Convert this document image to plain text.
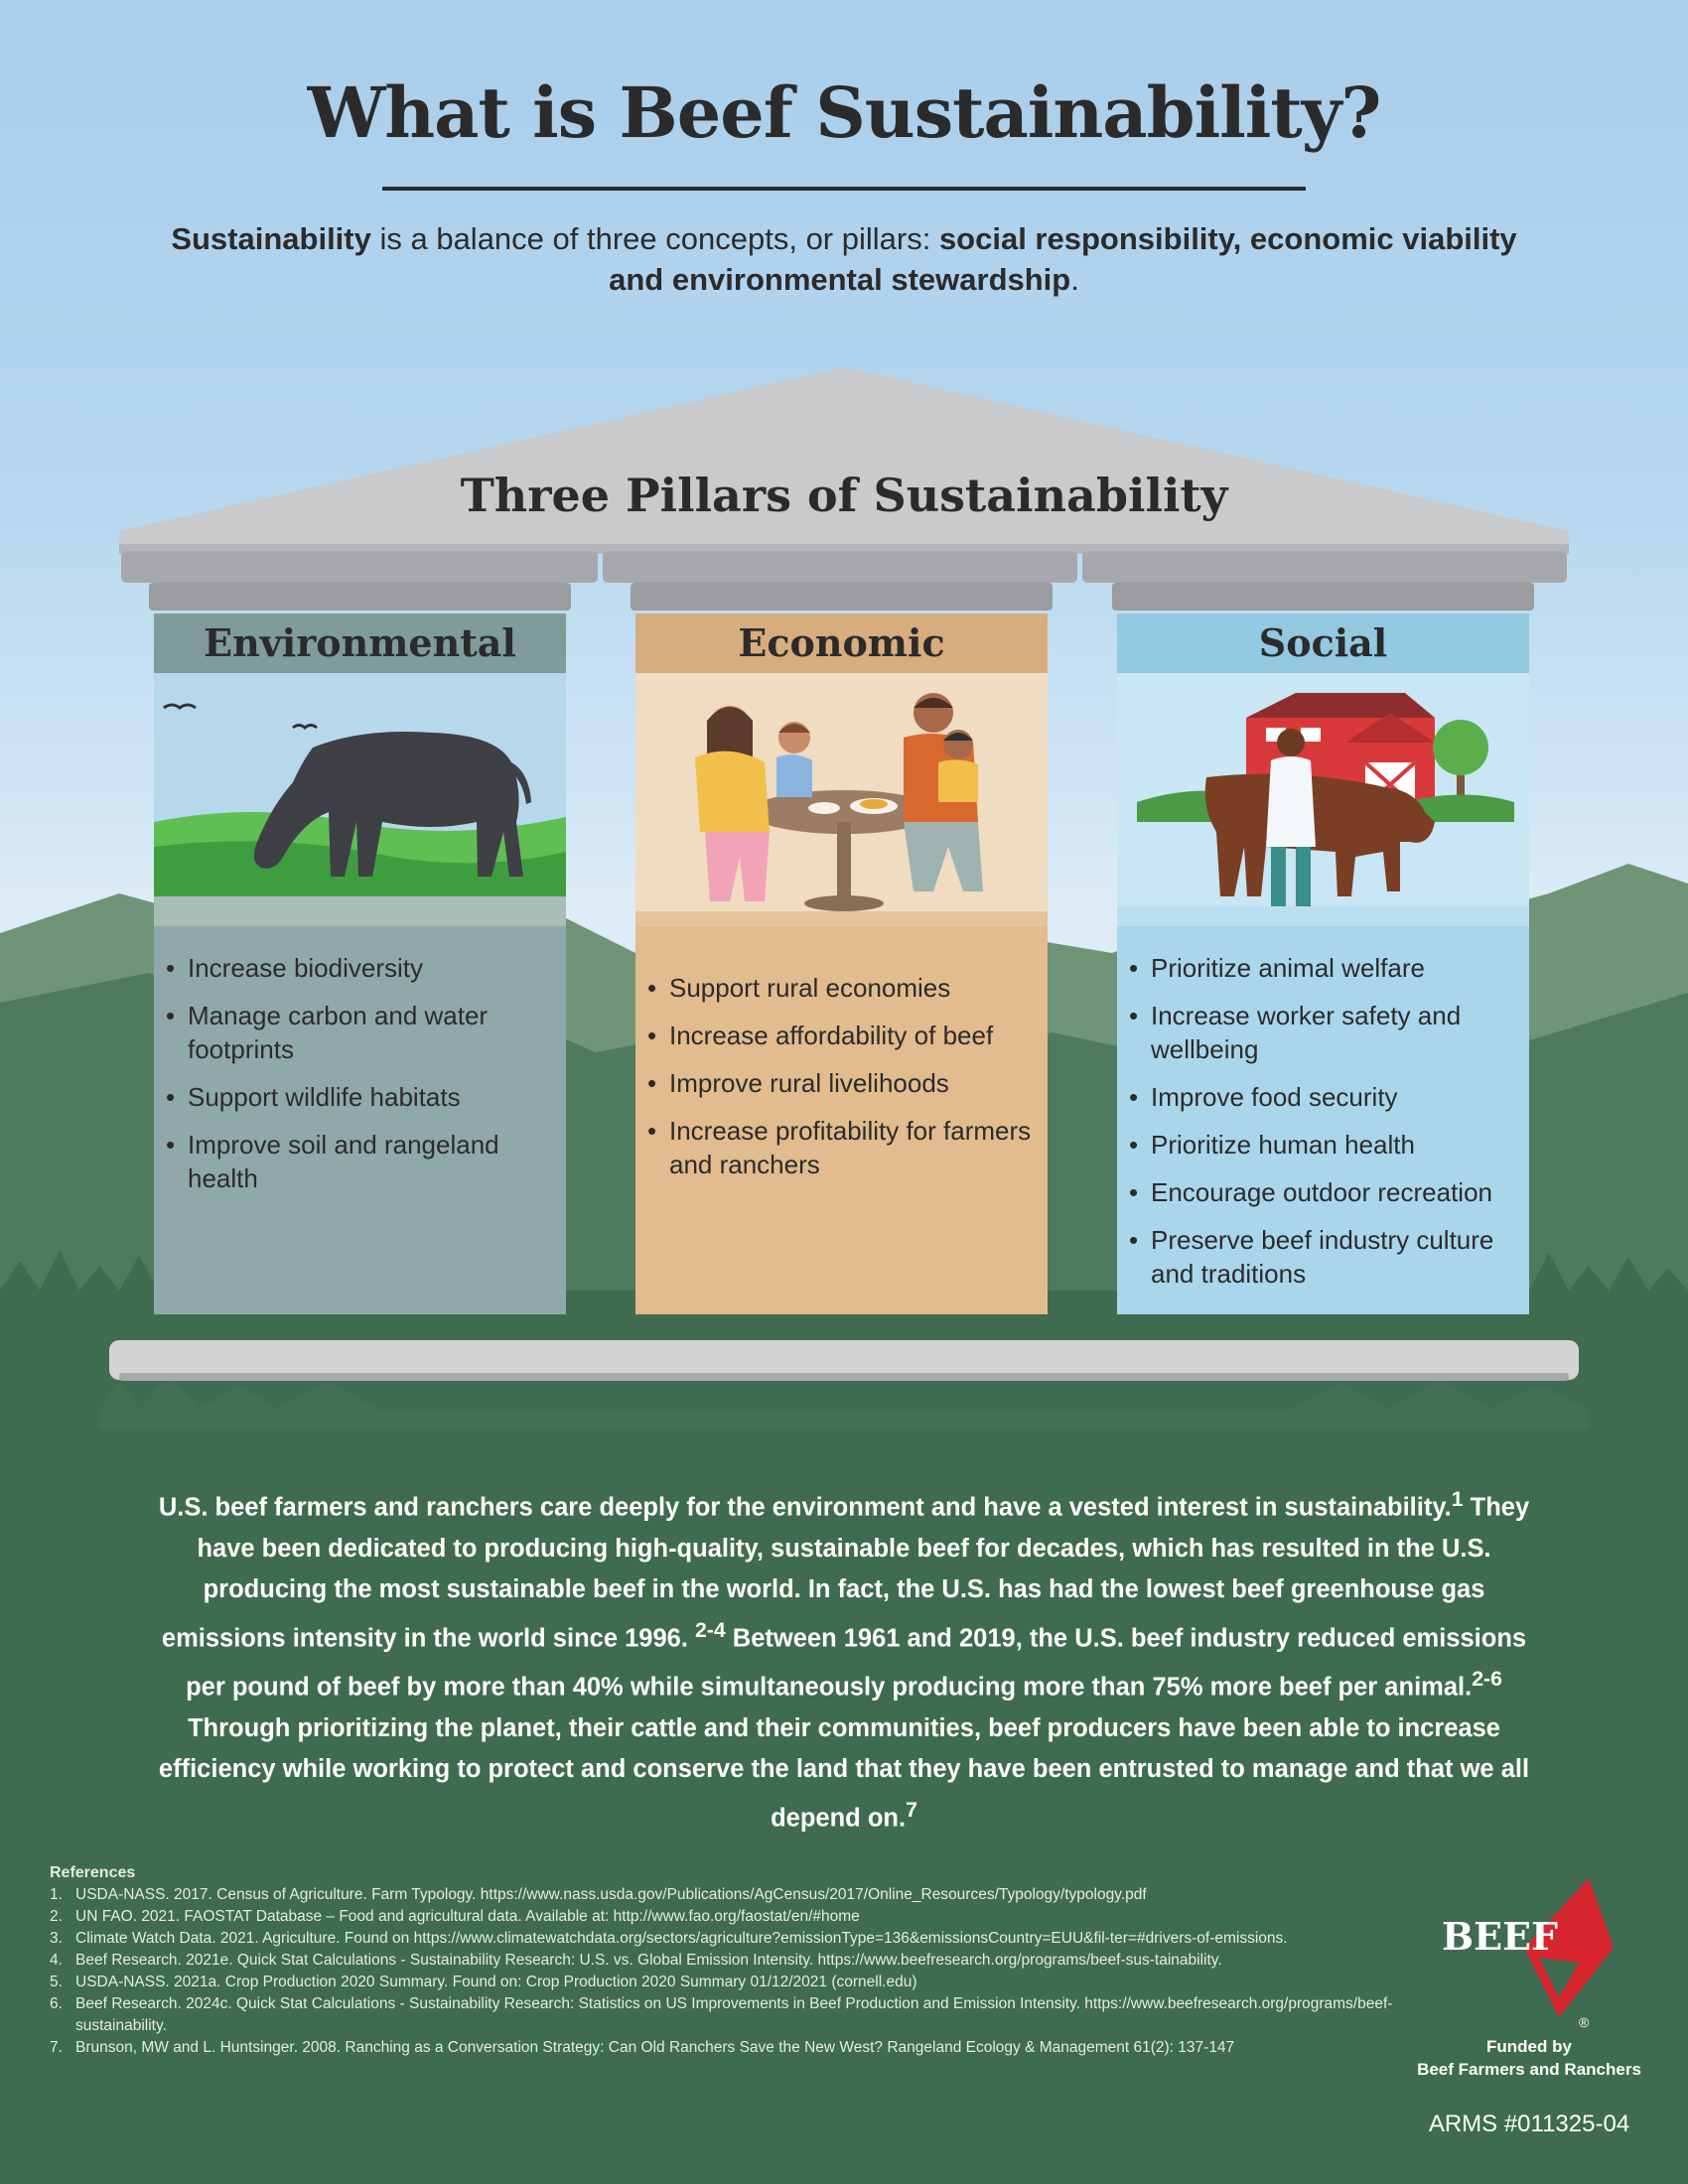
What is Beef Sustainability?
Sustainability is a balance of three concepts, or pillars: social responsibility, economic viability and environmental stewardship.
Three Pillars of Sustainability
Environmental
• Increase biodiversity
• Manage carbon and water footprints
• Support wildlife habitats
• Improve soil and rangeland health
Economic
• Support rural economies
• Increase affordability of beef
• Improve rural livelihoods
• Increase profitability for farmers and ranchers
Social
• Prioritize animal welfare
• Increase worker safety and wellbeing
• Improve food security
• Prioritize human health
• Encourage outdoor recreation
• Preserve beef industry culture and traditions
U.S. beef farmers and ranchers care deeply for the environment and have a vested interest in sustainability.$^1$ They have been dedicated to producing high-quality, sustainable beef for decades, which has resulted in the U.S. producing the most sustainable beef in the world. In fact, the U.S. has had the lowest beef greenhouse gas emissions intensity in the world since 1996. $^{2-4}$ Between 1961 and 2019, the U.S. beef industry reduced emissions per pound of beef by more than 40% while simultaneously producing more than 75% more beef per animal.$^{2-6}$ Through prioritizing the planet, their cattle and their communities, beef producers have been able to increase efficiency while working to protect and conserve the land that they have been entrusted to manage and that we all depend on.$^7$
References
1. USDA-NASS. 2017. Census of Agriculture. Farm Typology. https://www.nass.usda.gov/Publications/AgCensus/2017/Online_Resources/Typology/typology.pdf
2. UN FAO. 2021. FAOSTAT Database – Food and agricultural data. Available at: http://www.fao.org/faostat/en/#home
3. Climate Watch Data. 2021. Agriculture. Found on https://www.climatewatchdata.org/sectors/agriculture?emissionType=136&emissionsCountry=EUU&fil-ter=#drivers-of-emissions.
4. Beef Research. 2021e. Quick Stat Calculations - Sustainability Research: U.S. vs. Global Emission Intensity. https://www.beefresearch.org/programs/beef-sus-tainability.
5. USDA-NASS. 2021a. Crop Production 2020 Summary. Found on: Crop Production 2020 Summary 01/12/2021 (cornell.edu)
6. Beef Research. 2024c. Quick Stat Calculations - Sustainability Research: Statistics on US Improvements in Beef Production and Emission Intensity. https://www.beefresearch.org/programs/beef-sustainability.
7. Brunson, MW and L. Huntsinger. 2008. Ranching as a Conversation Strategy: Can Old Ranchers Save the New West? Rangeland Ecology & Management 61(2): 137-147
BEEF
®
Funded by
Beef Farmers and Ranchers
ARMS #011325-04
